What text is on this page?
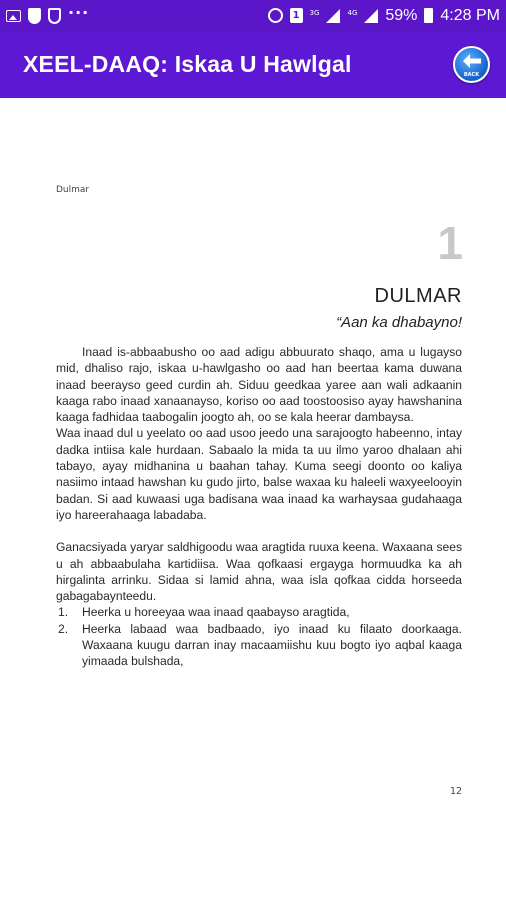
···	1	3G	4G 59% 4:28 PM
XEEL-DAAQ: Iskaa U Hawlgal	BACK
Dulmar
1
DULMAR
“Aan ka dhabayno!

Inaad is-abbaabusho oo aad adigu abbuurato shaqo, ama u lugayso mid, dhaliso rajo, iskaa u-hawlgasho oo aad han beertaa kama duwana inaad beerayso geed curdin ah. Siduu geedkaa yaree aan wali adkaanin kaaga rabo inaad xanaanayso, koriso oo aad toostoosiso ayay hawshanina kaaga fadhidaa taabogalin joogto ah, oo se kala heerar dambaysa.

Waa inaad dul u yeelato oo aad usoo jeedo una sarajoogto habeenno, intay dadka intiisa kale hurdaan. Sabaalo la mida ta uu ilmo yaroo dhalaan ahi tabayo, ayay midhanina u baahan tahay. Kuma seegi doonto oo kaliya nasiimo intaad hawshan ku gudo jirto, balse waxaa ku haleeli waxyeelooyin badan. Si aad kuwaasi uga badisana waa inaad ka warhaysaa gudahaaga iyo hareerahaaga labadaba.

Ganacsiyada yaryar saldhigoodu waa aragtida ruuxa keena. Waxaana sees u ah abbaabulaha kartidiisa. Waa qofkaasi ergayga hormuudka ka ah hirgalinta arrinku. Sidaa si lamid ahna, waa isla qofkaa cidda horseeda gabagabaynteedu.

1.	Heerka u horeeyaa waa inaad qaabayso aragtida,
2.	Heerka labaad waa badbaado, iyo inaad ku filaato doorkaaga. Waxaana kuugu darran inay macaamiishu kuu bogto iyo aqbal kaaga yimaada bulshada,
12
